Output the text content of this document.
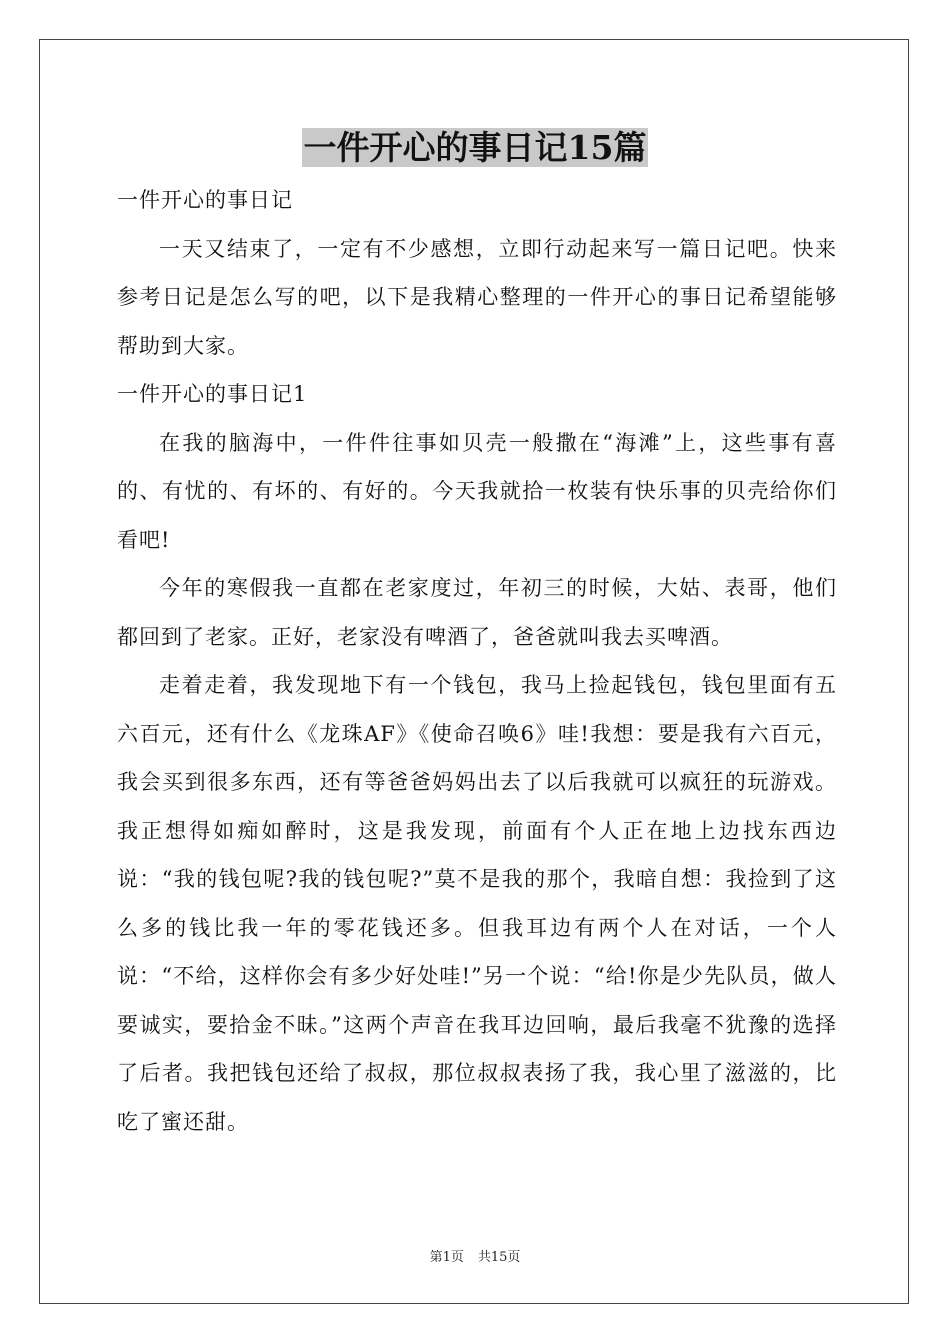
一件开心的事日记15篇

一件开心的事日记

一天又结束了，一定有不少感想，立即行动起来写一篇日记吧。快来参考日记是怎么写的吧，以下是我精心整理的一件开心的事日记希望能够帮助到大家。

一件开心的事日记1

在我的脑海中，一件件往事如贝壳一般撒在“海滩”上，这些事有喜的、有忧的、有坏的、有好的。今天我就拾一枚装有快乐事的贝壳给你们看吧!

今年的寒假我一直都在老家度过，年初三的时候，大姑、表哥，他们都回到了老家。正好，老家没有啤酒了，爸爸就叫我去买啤酒。

走着走着，我发现地下有一个钱包，我马上捡起钱包，钱包里面有五六百元，还有什么《龙珠AF》《使命召唤6》哇!我想：要是我有六百元，我会买到很多东西，还有等爸爸妈妈出去了以后我就可以疯狂的玩游戏。我正想得如痴如醉时，这是我发现，前面有个人正在地上边找东西边说：“我的钱包呢?我的钱包呢?”莫不是我的那个，我暗自想：我捡到了这么多的钱比我一年的零花钱还多。但我耳边有两个人在对话，一个人说：“不给，这样你会有多少好处哇!”另一个说：“给!你是少先队员，做人要诚实，要拾金不昧。”这两个声音在我耳边回响，最后我毫不犹豫的选择了后者。我把钱包还给了叔叔，那位叔叔表扬了我，我心里了滋滋的，比吃了蜜还甜。

第1页 共15页
